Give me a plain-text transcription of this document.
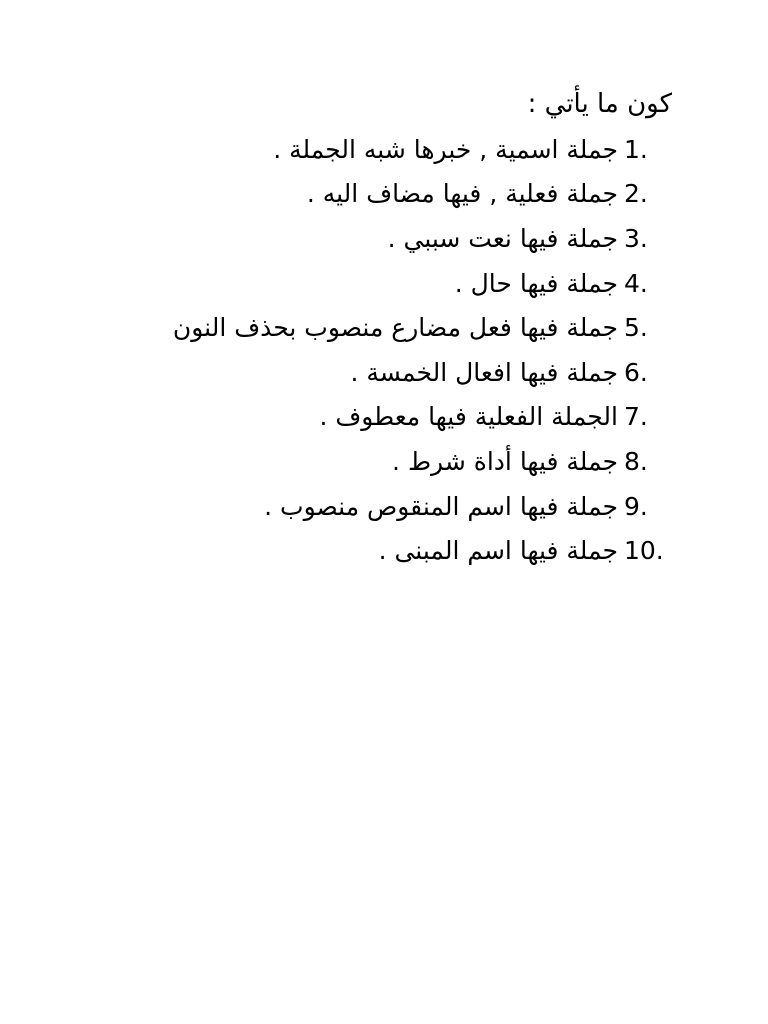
كون ما يأتي :
1.
جملة اسمية , خبرها شبه الجملة .
2.
جملة فعلية , فيها مضاف اليه .
3.
جملة فيها نعت سببي .
4.
جملة فيها حال .
5.
جملة فيها فعل مضارع منصوب بحذف النون
6.
جملة فيها افعال الخمسة .
7.
الجملة الفعلية فيها معطوف .
8.
جملة فيها أداة شرط .
9.
جملة فيها اسم المنقوص منصوب .
10.
جملة فيها اسم المبنى .
